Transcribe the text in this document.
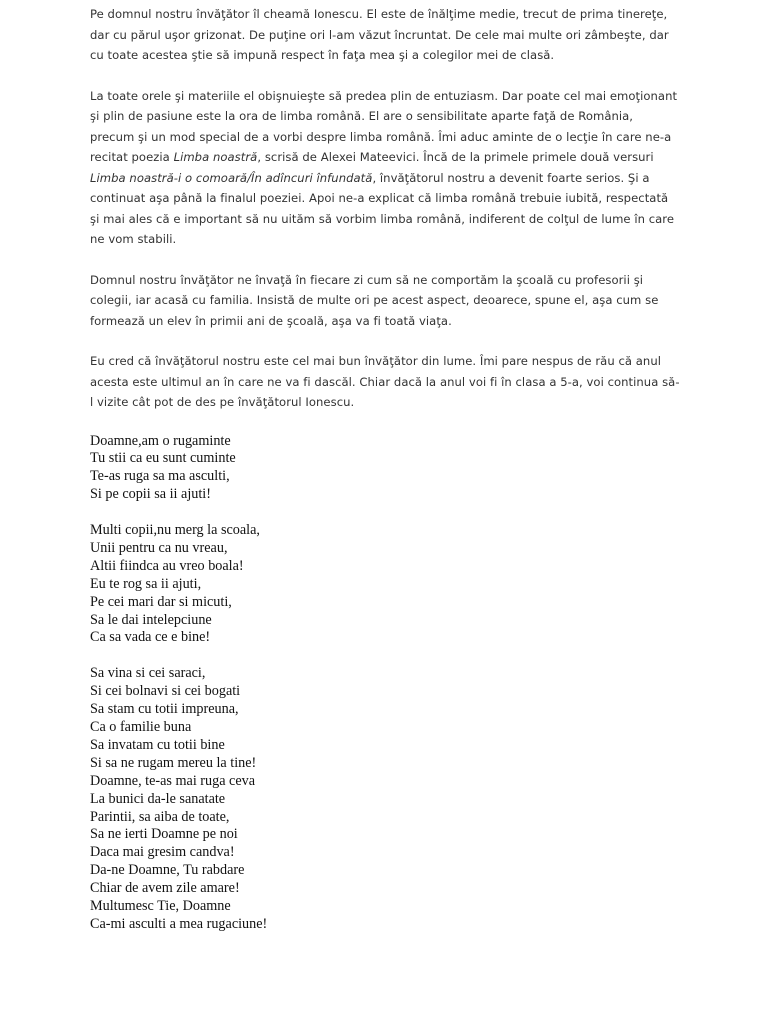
Pe domnul nostru învăţător îl cheamă Ionescu. El este de înălţime medie, trecut de prima tinereţe, dar cu părul uşor grizonat. De puţine ori l-am văzut încruntat. De cele mai multe ori zâmbeşte, dar cu toate acestea ştie să impună respect în faţa mea şi a colegilor mei de clasă.

La toate orele şi materiile el obişnuieşte să predea plin de entuziasm. Dar poate cel mai emoţionant şi plin de pasiune este la ora de limba română. El are o sensibilitate aparte faţă de România, precum şi un mod special de a vorbi despre limba română. Îmi aduc aminte de o lecţie în care ne-a recitat poezia Limba noastră, scrisă de Alexei Mateevici. Încă de la primele primele două versuri Limba noastră-i o comoară/În adîncuri înfundată, învăţătorul nostru a devenit foarte serios. Şi a continuat aşa până la finalul poeziei. Apoi ne-a explicat că limba română trebuie iubită, respectată şi mai ales că e important să nu uităm să vorbim limba română, indiferent de colţul de lume în care ne vom stabili.

Domnul nostru învăţător ne învaţă în fiecare zi cum să ne comportăm la şcoală cu profesorii şi colegii, iar acasă cu familia. Insistă de multe ori pe acest aspect, deoarece, spune el, aşa cum se formează un elev în primii ani de şcoală, aşa va fi toată viaţa.

Eu cred că învăţătorul nostru este cel mai bun învăţător din lume. Îmi pare nespus de rău că anul acesta este ultimul an în care ne va fi dascăl. Chiar dacă la anul voi fi în clasa a 5-a, voi continua să-l vizite cât pot de des pe învăţătorul Ionescu.

Doamne,am o rugaminte
Tu stii ca eu sunt cuminte
Te-as ruga sa ma asculti,
Si pe copii sa ii ajuti!
Multi copii,nu merg la scoala,
Unii pentru ca nu vreau,
Altii fiindca au vreo boala!
Eu te rog sa ii ajuti,
Pe cei mari dar si micuti,
Sa le dai intelepciune
Ca sa vada ce e bine!
Sa vina si cei saraci,
Si cei bolnavi si cei bogati
Sa stam cu totii impreuna,
Ca o familie buna
Sa invatam cu totii bine
Si sa ne rugam mereu la tine!
Doamne, te-as mai ruga ceva
La bunici da-le sanatate
Parintii, sa aiba de toate,
Sa ne ierti Doamne pe noi
Daca mai gresim candva!
Da-ne Doamne, Tu rabdare
Chiar de avem zile amare!
Multumesc Tie, Doamne
Ca-mi asculti a mea rugaciune!
